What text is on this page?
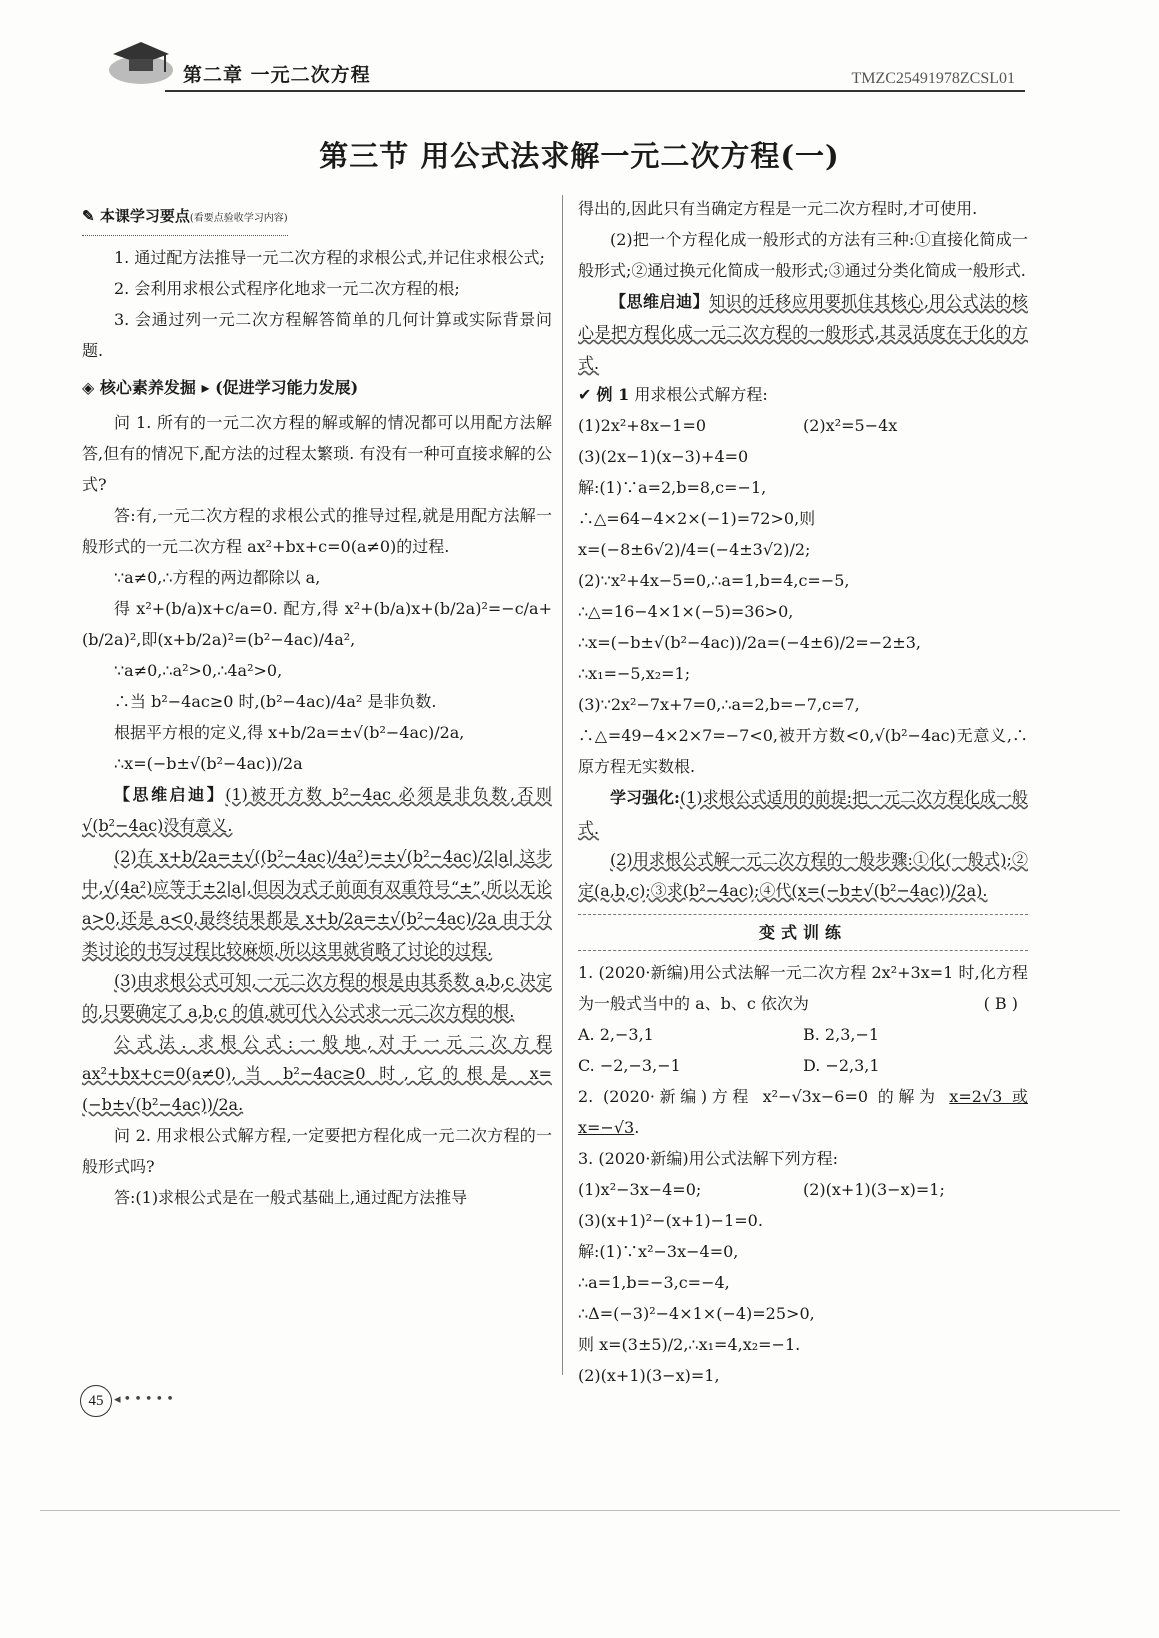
第二章 一元二次方程	TMZC25491978ZCSL01
第三节 用公式法求解一元二次方程(一)
✎ 本课学习要点(看要点验收学习内容)

1. 通过配方法推导一元二次方程的求根公式,并记住求根公式;

2. 会利用求根公式程序化地求一元二次方程的根;

3. 会通过列一元二次方程解答简单的几何计算或实际背景问题.

◈ 核心素养发掘 ▸ (促进学习能力发展)

问 1. 所有的一元二次方程的解或解的情况都可以用配方法解答,但有的情况下,配方法的过程太繁琐. 有没有一种可直接求解的公式?

答:有,一元二次方程的求根公式的推导过程,就是用配方法解一般形式的一元二次方程 ax²+bx+c=0(a≠0)的过程.

∵a≠0,∴方程的两边都除以 a,

得 x²+(b/a)x+c/a=0. 配方,得 x²+(b/a)x+(b/2a)²=−c/a+(b/2a)²,即(x+b/2a)²=(b²−4ac)/4a²,

∵a≠0,∴a²>0,∴4a²>0,

∴当 b²−4ac≥0 时,(b²−4ac)/4a² 是非负数.

根据平方根的定义,得 x+b/2a=±√(b²−4ac)/2a,

∴x=(−b±√(b²−4ac))/2a

【思维启迪】(1)被开方数 b²−4ac 必须是非负数,否则√(b²−4ac)没有意义.

(2)在 x+b/2a=±√((b²−4ac)/4a²)=±√(b²−4ac)/2|a| 这步中,√(4a²)应等于±2|a|,但因为式子前面有双重符号“±”,所以无论 a>0,还是 a<0,最终结果都是 x+b/2a=±√(b²−4ac)/2a 由于分类讨论的书写过程比较麻烦,所以这里就省略了讨论的过程.

(3)由求根公式可知,一元二次方程的根是由其系数 a,b,c 决定的,只要确定了 a,b,c 的值,就可代入公式求一元二次方程的根.

公式法. 求根公式:一般地,对于一元二次方程 ax²+bx+c=0(a≠0),当 b²−4ac≥0 时,它的根是 x=(−b±√(b²−4ac))/2a.

问 2. 用求根公式解方程,一定要把方程化成一元二次方程的一般形式吗?

答:(1)求根公式是在一般式基础上,通过配方法推导

得出的,因此只有当确定方程是一元二次方程时,才可使用.

(2)把一个方程化成一般形式的方法有三种:①直接化简成一般形式;②通过换元化简成一般形式;③通过分类化简成一般形式.

【思维启迪】知识的迁移应用要抓住其核心,用公式法的核心是把方程化成一元二次方程的一般形式,其灵活度在于化的方式.

✔ 例 1 用求根公式解方程:

(1)2x²+8x−1=0	(2)x²=5−4x

(3)(2x−1)(x−3)+4=0

解:(1)∵a=2,b=8,c=−1,

∴△=64−4×2×(−1)=72>0,则

x=(−8±6√2)/4=(−4±3√2)/2;

(2)∵x²+4x−5=0,∴a=1,b=4,c=−5,

∴△=16−4×1×(−5)=36>0,

∴x=(−b±√(b²−4ac))/2a=(−4±6)/2=−2±3,

∴x₁=−5,x₂=1;

(3)∵2x²−7x+7=0,∴a=2,b=−7,c=7,

∴△=49−4×2×7=−7<0,被开方数<0,√(b²−4ac)无意义,∴原方程无实数根.

学习强化:(1)求根公式适用的前提:把一元二次方程化成一般式.

(2)用求根公式解一元二次方程的一般步骤:①化(一般式);②定(a,b,c);③求(b²−4ac);④代(x=(−b±√(b²−4ac))/2a).

变式训练

1. (2020·新编)用公式法解一元二次方程 2x²+3x=1 时,化方程为一般式当中的 a、b、c 依次为	( B )

A. 2,−3,1	B. 2,3,−1
C. −2,−3,−1	D. −2,3,1

2. (2020·新编)方程 x²−√3x−6=0 的解为 x=2√3 或 x=−√3.

3. (2020·新编)用公式法解下列方程:

(1)x²−3x−4=0;	(2)(x+1)(3−x)=1;

(3)(x+1)²−(x+1)−1=0.

解:(1)∵x²−3x−4=0,

∴a=1,b=−3,c=−4,

∴Δ=(−3)²−4×1×(−4)=25>0,

则 x=(3±5)/2,∴x₁=4,x₂=−1.

(2)(x+1)(3−x)=1,

45 ◂•••••
